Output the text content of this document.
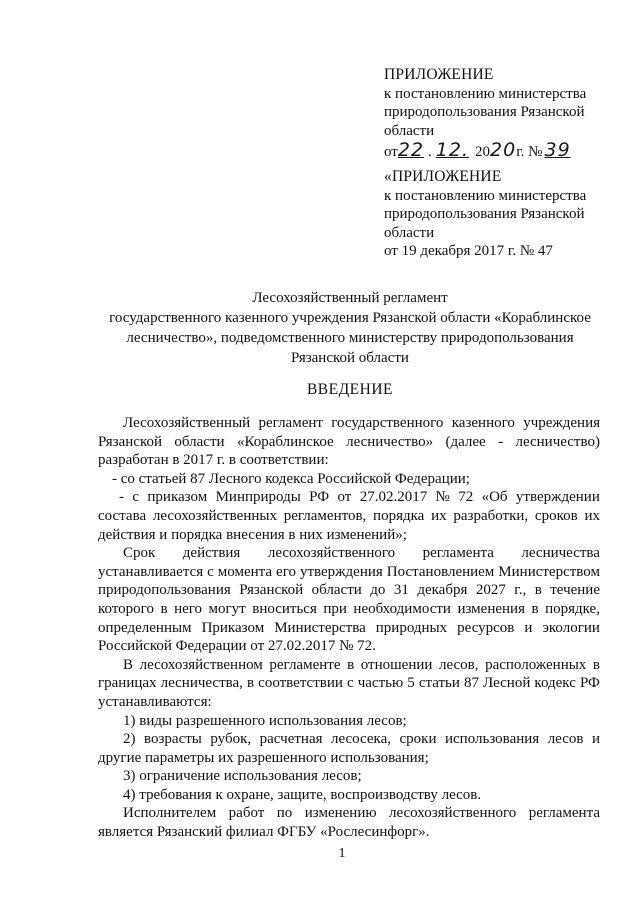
ПРИЛОЖЕНИЕ
к постановлению министерства
природопользования Рязанской
области
от22 . 12. 2020г. № 39
«ПРИЛОЖЕНИЕ
к постановлению министерства
природопользования Рязанской
области
от 19 декабря 2017 г. № 47
Лесохозяйственный регламент
государственного казенного учреждения Рязанской области «Кораблинское
лесничество», подведомственного министерству природопользования
Рязанской области
ВВЕДЕНИЕ
Лесохозяйственный регламент государственного казенного учреждения
Рязанской области «Кораблинское лесничество» (далее - лесничество)
разработан в 2017 г. в соответствии:
- со статьей 87 Лесного кодекса Российской Федерации;
- с приказом Минприроды РФ от 27.02.2017 № 72 «Об утверждении
состава лесохозяйственных регламентов, порядка их разработки, сроков их
действия и порядка внесения в них изменений»;
Срок действия лесохозяйственного регламента лесничества
устанавливается с момента его утверждения Постановлением Министерством
природопользования Рязанской области до 31 декабря 2027 г., в течение
которого в него могут вноситься при необходимости изменения в порядке,
определенным Приказом Министерства природных ресурсов и экологии
Российской Федерации от 27.02.2017 № 72.
В лесохозяйственном регламенте в отношении лесов, расположенных в
границах лесничества, в соответствии с частью 5 статьи 87 Лесной кодекс РФ
устанавливаются:
1) виды разрешенного использования лесов;
2) возрасты рубок, расчетная лесосека, сроки использования лесов и
другие параметры их разрешенного использования;
3) ограничение использования лесов;
4) требования к охране, защите, воспроизводству лесов.
Исполнителем работ по изменению лесохозяйственного регламента
является Рязанский филиал ФГБУ «Рослесинфорг».
1
